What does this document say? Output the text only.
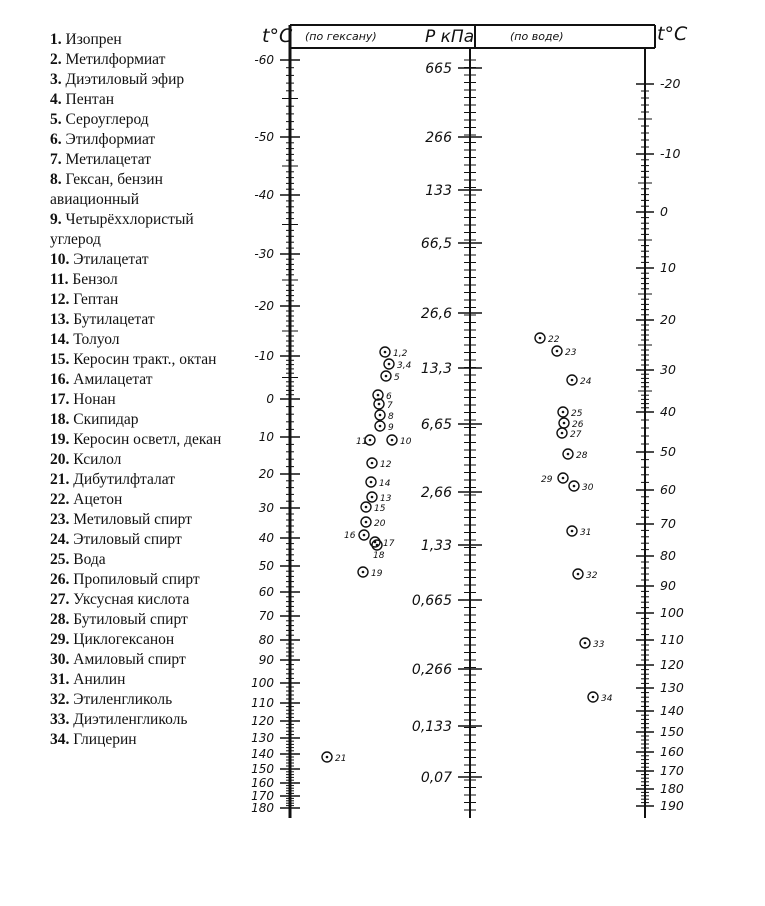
1. Изопрен
2. Метилформиат
3. Диэтиловый эфир
4. Пентан
5. Сероуглерод
6. Этилформиат
7. Метилацетат
8. Гексан, бензин авиационный
9. Четырёххлористый углерод
10. Этилацетат
11. Бензол
12. Гептан
13. Бутилацетат
14. Толуол
15. Керосин тракт., октан
16. Амилацетат
17. Нонан
18. Скипидар
19. Керосин осветл, декан
20. Ксилол
21. Дибутилфталат
22. Ацетон
23. Метиловый спирт
24. Этиловый спирт
25. Вода
26. Пропиловый спирт
27. Уксусная кислота
28. Бутиловый спирт
29. Циклогексанон
30. Амиловый спирт
31. Анилин
32. Этиленгликоль
33. Диэтиленгликоль
34. Глицерин
t°C (по гексану)	P кПа	(по воде)	t°C
-60
-50
-40
-30
-20
-10
0
10
20
30
40
50
60
70
80
90
100
110
120
130
140
150
160
170
180
665
266
133
66,5
26,6
13,3
6,65
2,66
1,33
0,665
0,266
0,133
0,07
-20
-10
0
10
20
30
40
50
60
70
80
90
100
110
120
130
140
150
160
170
180
190
1,2
3,4
5
6
7
8
9
10
11
12
13
14
15
16
17
18
19
20
21
22
23
24
25
26
27
28
29
30
31
32
33
34
